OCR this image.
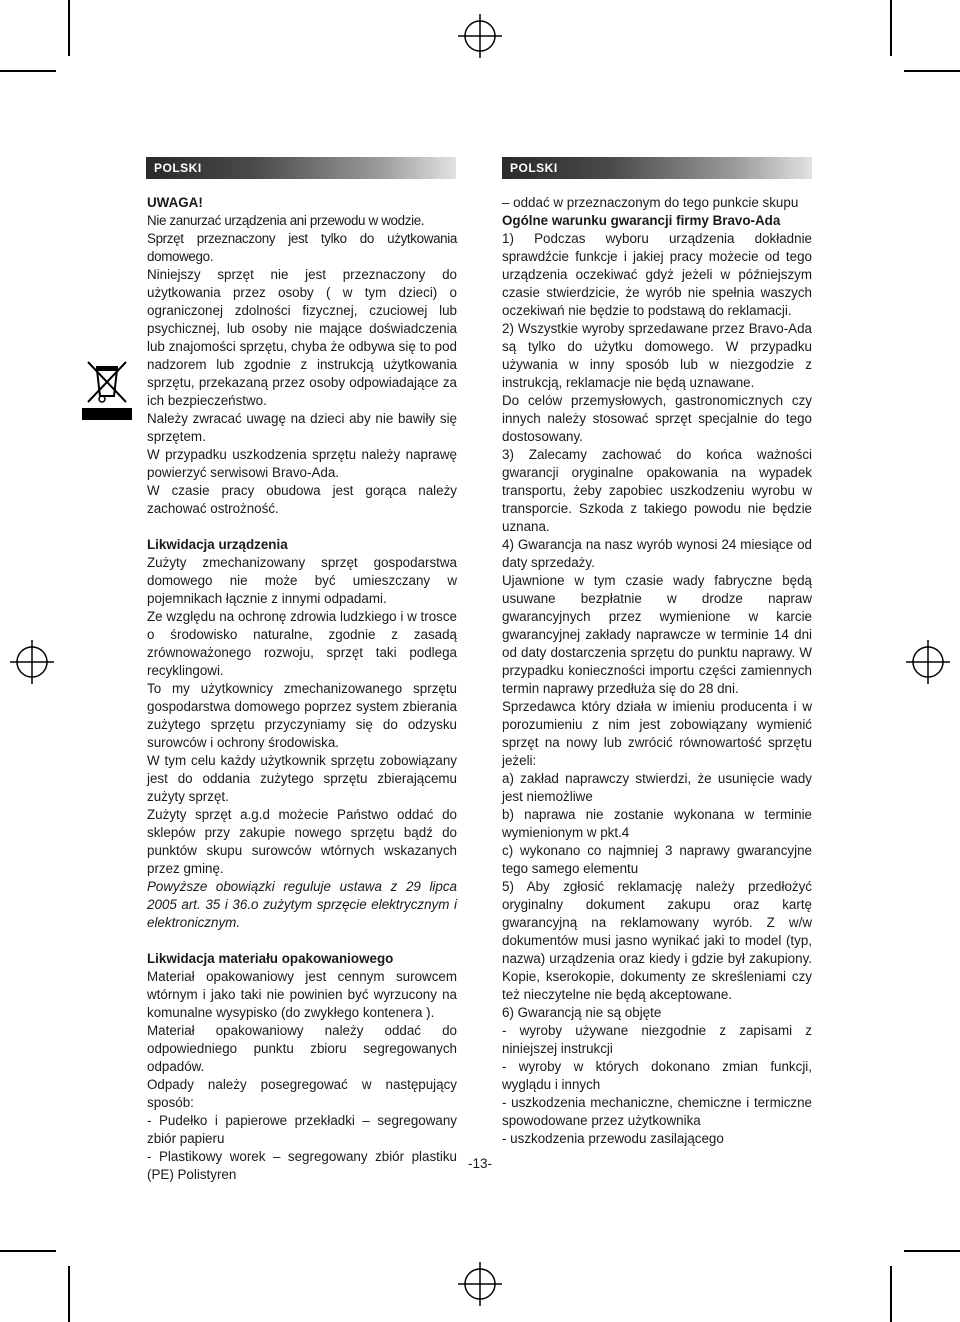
POLSKI	POLSKI

UWAGA!

Nie zanurzać urządzenia ani przewodu w wodzie.

Sprzęt przeznaczony jest tylko do użytkowania domowego.

Niniejszy sprzęt nie jest przeznaczony do użytkowania przez osoby ( w tym dzieci) o ograniczonej zdolności fizycznej, czuciowej lub psychicznej, lub osoby nie mające doświadczenia lub znajomości sprzętu, chyba że odbywa się to pod nadzorem lub zgodnie z instrukcją użytkowania sprzętu, przekazaną przez osoby odpowiadające za ich bezpieczeństwo.

Należy zwracać uwagę na dzieci aby nie bawiły się sprzętem.

W przypadku uszkodzenia sprzętu należy naprawę powierzyć serwisowi Bravo-Ada.

W czasie pracy obudowa jest gorąca należy zachować ostrożność.

Likwidacja urządzenia

Zużyty zmechanizowany sprzęt gospodarstwa domowego nie może być umieszczany w pojemnikach łącznie z innymi odpadami.

Ze względu na ochronę zdrowia ludzkiego i w trosce o środowisko naturalne, zgodnie z zasadą zrównoważonego rozwoju, sprzęt taki podlega recyklingowi.

To my użytkownicy zmechanizowanego sprzętu gospodarstwa domowego poprzez system zbierania zużytego sprzętu przyczyniamy się do odzysku surowców i ochrony środowiska.

W tym celu każdy użytkownik sprzętu zobowiązany jest do oddania zużytego sprzętu zbierającemu zużyty sprzęt.

Zużyty sprzęt a.g.d możecie Państwo oddać do sklepów przy zakupie nowego sprzętu bądź do punktów skupu surowców wtórnych wskazanych przez gminę.

Powyższe obowiązki reguluje ustawa z 29 lipca 2005 art. 35 i 36.o zużytym sprzęcie elektrycznym i elektronicznym.

Likwidacja materiału opakowaniowego

Materiał opakowaniowy jest cennym surowcem wtórnym i jako taki nie powinien być wyrzucony na komunalne wysypisko (do zwykłego kontenera ).

Materiał opakowaniowy należy oddać do odpowiedniego punktu zbioru segregowanych odpadów.

Odpady należy posegregować w następujący sposób:

- Pudełko i papierowe przekładki – segregowany zbiór papieru

- Plastikowy worek – segregowany zbiór plastiku (PE) Polistyren

– oddać w przeznaczonym do tego punkcie skupu

Ogólne warunku gwarancji firmy Bravo-Ada

1) Podczas wyboru urządzenia dokładnie sprawdźcie funkcje i jakiej pracy możecie od tego urządzenia oczekiwać gdyż jeżeli w późniejszym czasie stwierdzicie, że wyrób nie spełnia waszych oczekiwań nie będzie to podstawą do reklamacji.

2) Wszystkie wyroby sprzedawane przez Bravo-Ada są tylko do użytku domowego. W przypadku używania w inny sposób lub w niezgodzie z instrukcją, reklamacje nie będą uznawane.

Do celów przemysłowych, gastronomicznych czy innych należy stosować sprzęt specjalnie do tego dostosowany.

3) Zalecamy zachować do końca ważności gwarancji oryginalne opakowania na wypadek transportu, żeby zapobiec uszkodzeniu wyrobu w transporcie. Szkoda z takiego powodu nie będzie uznana.

4) Gwarancja na nasz wyrób wynosi 24 miesiące od daty sprzedaży.

Ujawnione w tym czasie wady fabryczne będą usuwane bezpłatnie w drodze napraw gwarancyjnych przez wymienione w karcie gwarancyjnej zakłady naprawcze w terminie 14 dni od daty dostarczenia sprzętu do punktu naprawy. W przypadku konieczności importu części zamiennych termin naprawy przedłuża się do 28 dni.

Sprzedawca który działa w imieniu producenta i w porozumieniu z nim jest zobowiązany wymienić sprzęt na nowy lub zwrócić równowartość sprzętu jeżeli:

a) zakład naprawczy stwierdzi, że usunięcie wady jest niemożliwe

b) naprawa nie zostanie wykonana w terminie wymienionym w pkt.4

c) wykonano co najmniej 3 naprawy gwarancyjne tego samego elementu

5) Aby zgłosić reklamację należy przedłożyć oryginalny dokument zakupu oraz kartę gwarancyjną na reklamowany wyrób. Z w/w dokumentów musi jasno wynikać jaki to model (typ, nazwa) urządzenia oraz kiedy i gdzie był zakupiony. Kopie, kserokopie, dokumenty ze skreśleniami czy też nieczytelne nie będą akceptowane.

6) Gwarancją nie są objęte

- wyroby używane niezgodnie z zapisami z niniejszej instrukcji

- wyroby w których dokonano zmian funkcji, wyglądu i innych

- uszkodzenia mechaniczne, chemiczne i termiczne spowodowane przez użytkownika

- uszkodzenia przewodu zasilającego

-13-
